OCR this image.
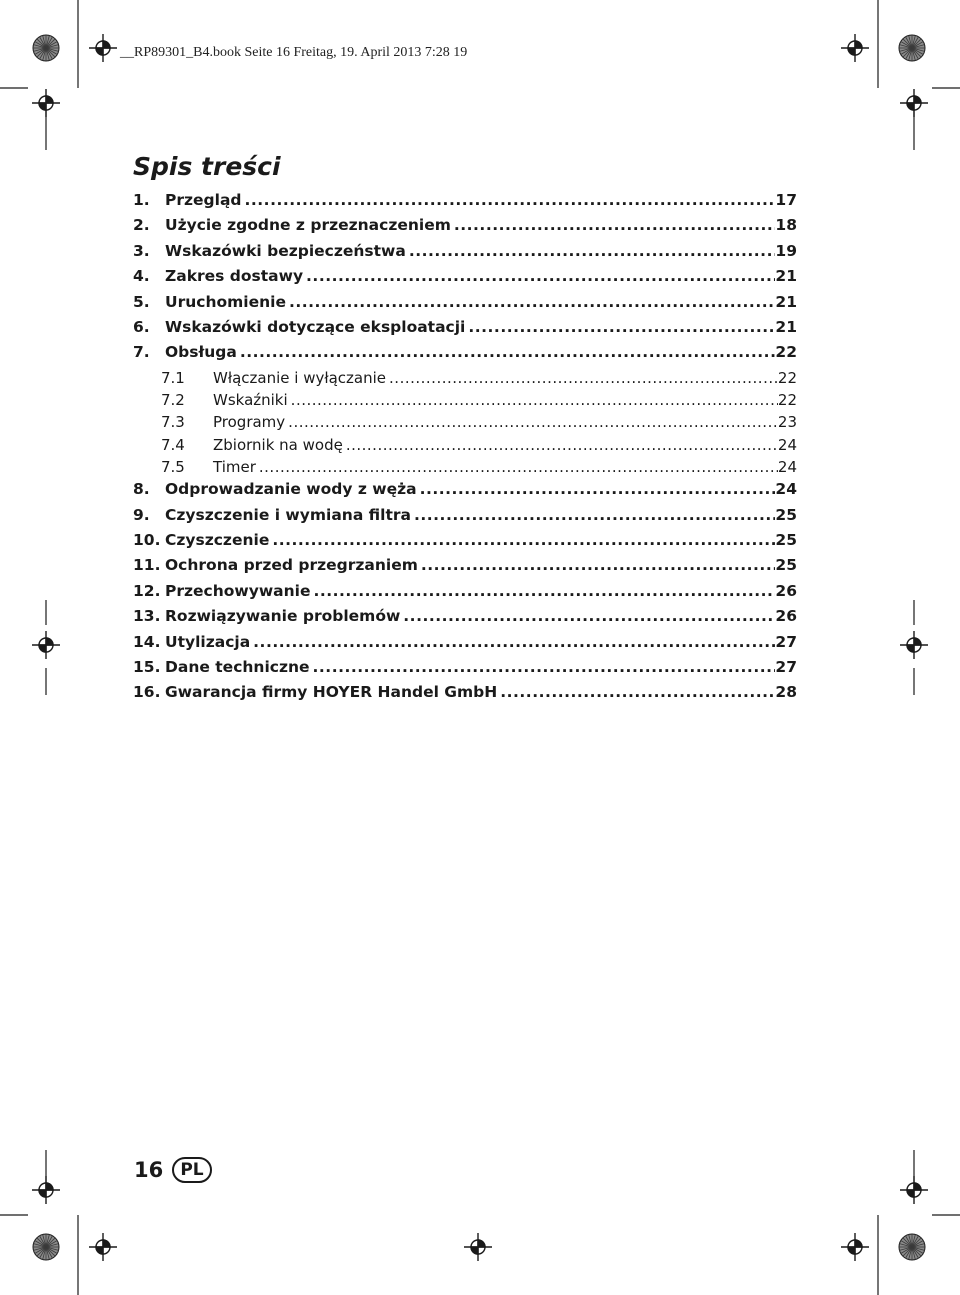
__RP89301_B4.book Seite 16 Freitag, 19. April 2013 7:28 19
Spis treści
1. Przegląd .....	17
2. Użycie zgodne z przeznaczeniem .....	18
3. Wskazówki bezpieczeństwa .....	19
4. Zakres dostawy .....	21
5. Uruchomienie .....	21
6. Wskazówki dotyczące eksploatacji .....	21
7. Obsługa .....	22
7.1	Włączanie i wyłączanie .....	22
7.2	Wskaźniki .....	22
7.3	Programy .....	23
7.4	Zbiornik na wodę .....	24
7.5	Timer .....	24
8. Odprowadzanie wody z węża .....	24
9. Czyszczenie i wymiana filtra .....	25
10. Czyszczenie .....	25
11. Ochrona przed przegrzaniem .....	25
12. Przechowywanie .....	26
13. Rozwiązywanie problemów .....	26
14. Utylizacja .....	27
15. Dane techniczne .....	27
16. Gwarancja firmy HOYER Handel GmbH .....	28
16 PL
